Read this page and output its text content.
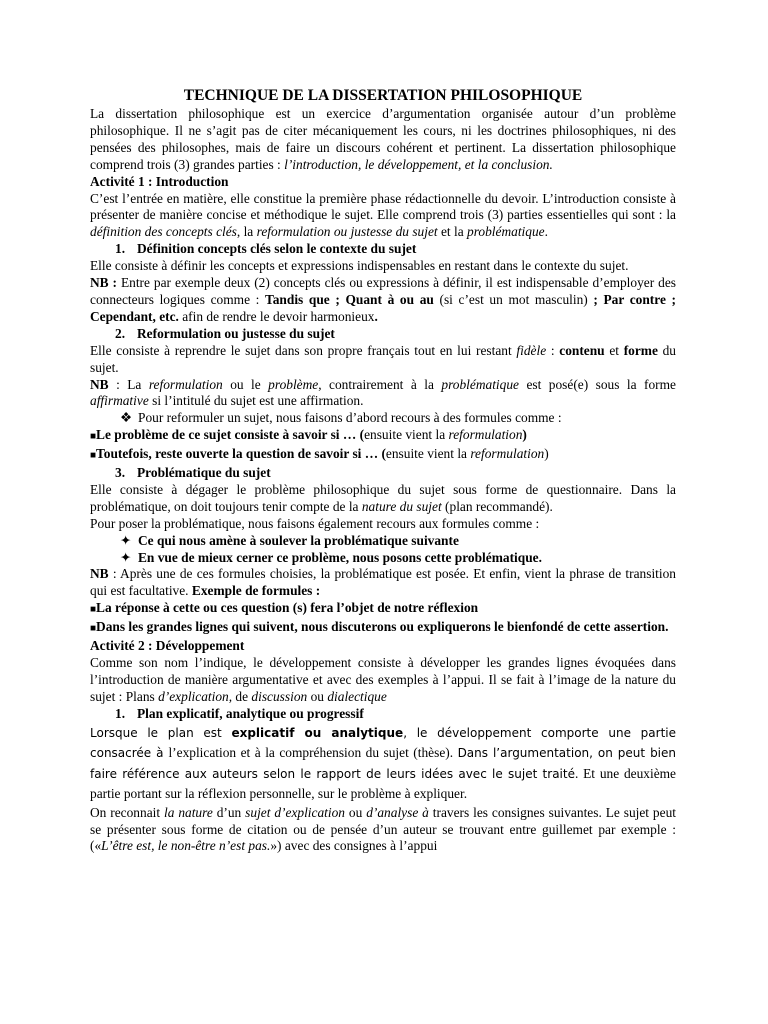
TECHNIQUE DE LA DISSERTATION PHILOSOPHIQUE

La dissertation philosophique est un exercice d’argumentation organisée autour d’un problème philosophique. Il ne s’agit pas de citer mécaniquement les cours, ni les doctrines philosophiques, ni des pensées des philosophes, mais de faire un discours cohérent et pertinent. La dissertation philosophique comprend trois (3) grandes parties : l’introduction, le développement, et la conclusion.

Activité 1 : Introduction

C’est l’entrée en matière, elle constitue la première phase rédactionnelle du devoir. L’introduction consiste à présenter de manière concise et méthodique le sujet. Elle comprend trois (3) parties essentielles qui sont : la définition des concepts clés, la reformulation ou justesse du sujet et la problématique.

1. Définition concepts clés selon le contexte du sujet

Elle consiste à définir les concepts et expressions indispensables en restant dans le contexte du sujet.

NB : Entre par exemple deux (2) concepts clés ou expressions à définir, il est indispensable d’employer des connecteurs logiques comme : Tandis que ; Quant à ou au (si c’est un mot masculin) ; Par contre ; Cependant, etc. afin de rendre le devoir harmonieux.

2. Reformulation ou justesse du sujet

Elle consiste à reprendre le sujet dans son propre français tout en lui restant fidèle : contenu et forme du sujet.

NB : La reformulation ou le problème, contrairement à la problématique est posé(e) sous la forme affirmative si l’intitulé du sujet est une affirmation.

❖ Pour reformuler un sujet, nous faisons d’abord recours à des formules comme :
■Le problème de ce sujet consiste à savoir si … (ensuite vient la reformulation)
■Toutefois, reste ouverte la question de savoir si … (ensuite vient la reformulation)
3. Problématique du sujet

Elle consiste à dégager le problème philosophique du sujet sous forme de questionnaire. Dans la problématique, on doit toujours tenir compte de la nature du sujet (plan recommandé).

Pour poser la problématique, nous faisons également recours aux formules comme :

✦ Ce qui nous amène à soulever la problématique suivante
✦ En vue de mieux cerner ce problème, nous posons cette problématique.

NB : Après une de ces formules choisies, la problématique est posée. Et enfin, vient la phrase de transition qui est facultative. Exemple de formules :

■La réponse à cette ou ces question (s) fera l’objet de notre réflexion
■Dans les grandes lignes qui suivent, nous discuterons ou expliquerons le bienfondé de cette assertion.
Activité 2 : Développement

Comme son nom l’indique, le développement consiste à développer les grandes lignes évoquées dans l’introduction de manière argumentative et avec des exemples à l’appui. Il se fait à l’image de la nature du sujet : Plans d’explication, de discussion ou dialectique

1. Plan explicatif, analytique ou progressif

Lorsque le plan est explicatif ou analytique, le développement comporte une partie consacrée à l’explication et à la compréhension du sujet (thèse). Dans l’argumentation, on peut bien faire référence aux auteurs selon le rapport de leurs idées avec le sujet traité. Et une deuxième partie portant sur la réflexion personnelle, sur le problème à expliquer.

On reconnait la nature d’un sujet d’explication ou d’analyse à travers les consignes suivantes. Le sujet peut se présenter sous forme de citation ou de pensée d’un auteur se trouvant entre guillemet par exemple : («L’être est, le non-être n’est pas.») avec des consignes à l’appui
